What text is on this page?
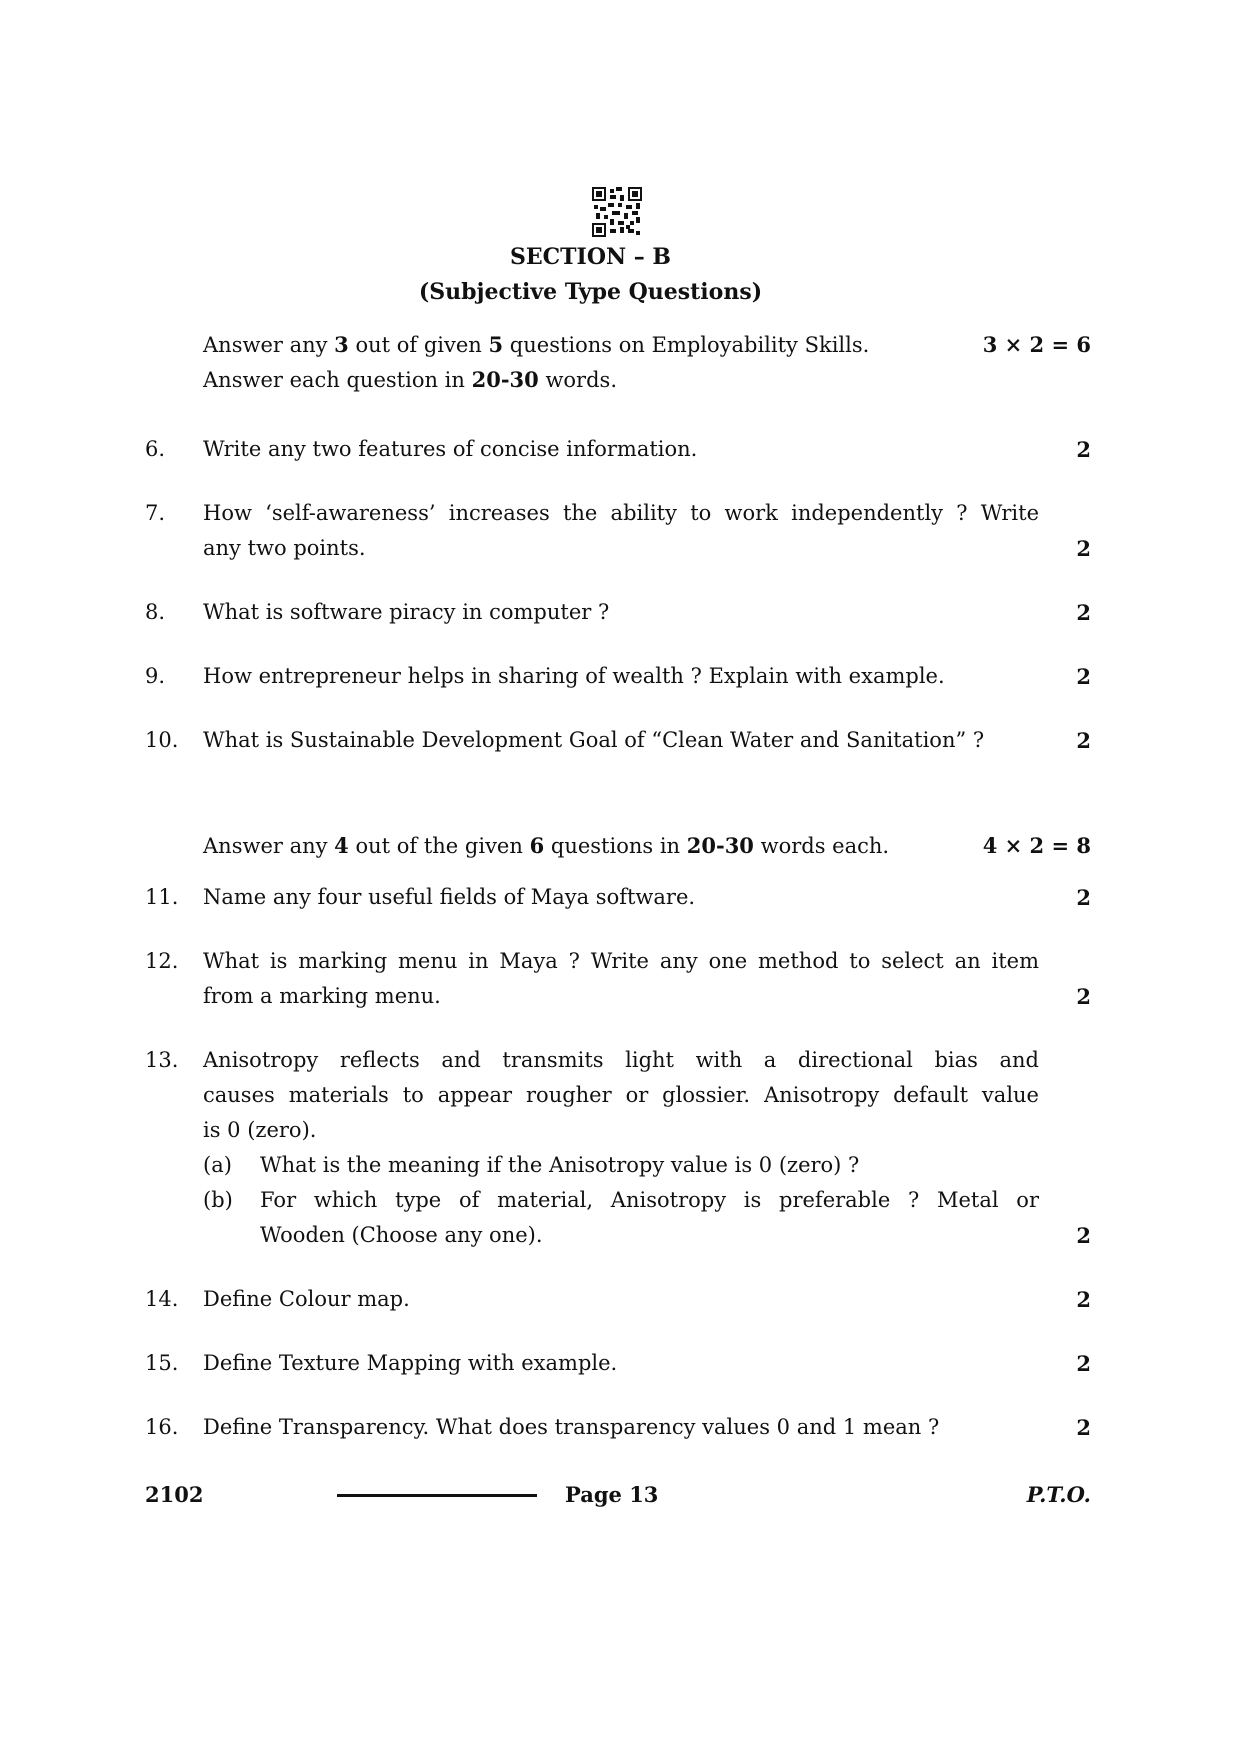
SECTION – B
(Subjective Type Questions)
Answer any 3 out of given 5 questions on Employability Skills.	3 × 2 = 6
Answer each question in 20-30 words.
6. Write any two features of concise information.	2
7. How ‘self-awareness’ increases the ability to work independently ? Write
any two points.	2
8. What is software piracy in computer ?	2
9. How entrepreneur helps in sharing of wealth ? Explain with example.	2
10. What is Sustainable Development Goal of “Clean Water and Sanitation” ?	2
Answer any 4 out of the given 6 questions in 20-30 words each.	4 × 2 = 8
11. Name any four useful fields of Maya software.	2
12. What is marking menu in Maya ? Write any one method to select an item
from a marking menu.	2
13. Anisotropy reflects and transmits light with a directional bias and
causes materials to appear rougher or glossier. Anisotropy default value
is 0 (zero).
(a) What is the meaning if the Anisotropy value is 0 (zero) ?
(b) For which type of material, Anisotropy is preferable ? Metal or
Wooden (Choose any one).	2
14. Define Colour map.	2
15. Define Texture Mapping with example.	2
16. Define Transparency. What does transparency values 0 and 1 mean ?	2
2102	Page 13	P.T.O.
